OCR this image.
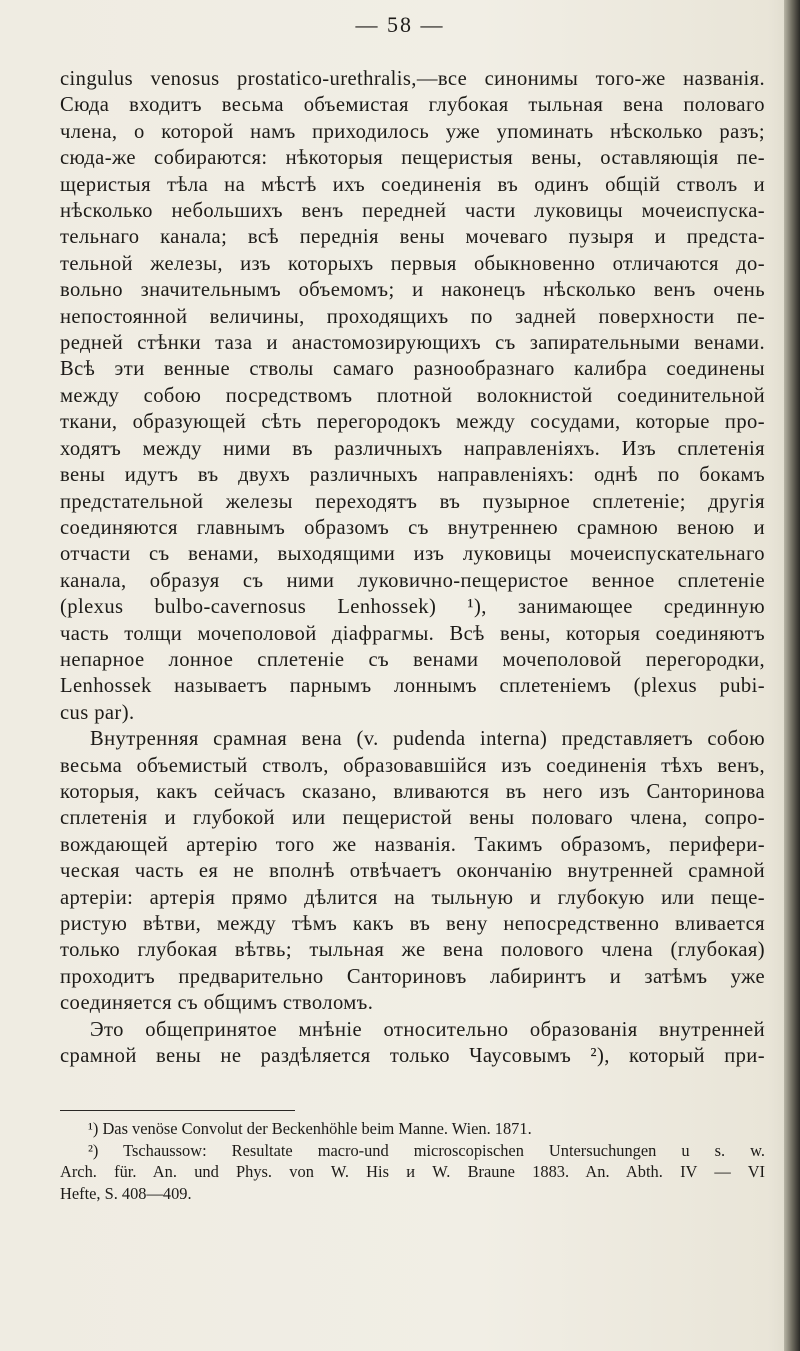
— 58 —
cingulus venosus prostatico-urethralis,—все синонимы того-же названія.
Сюда входитъ весьма объемистая глубокая тыльная вена половаго
члена, о которой намъ приходилось уже упоминать нѣсколько разъ;
сюда-же собираются: нѣкоторыя пещеристыя вены, оставляющія пе-
щеристыя тѣла на мѣстѣ ихъ соединенія въ одинъ общій стволъ и
нѣсколько небольшихъ венъ передней части луковицы мочеиспуска-
тельнаго канала; всѣ переднія вены мочеваго пузыря и предста-
тельной железы, изъ которыхъ первыя обыкновенно отличаются до-
вольно значительнымъ объемомъ; и наконецъ нѣсколько венъ очень
непостоянной величины, проходящихъ по задней поверхности пе-
редней стѣнки таза и анастомозирующихъ съ запирательными венами.
Всѣ эти венные стволы самаго разнообразнаго калибра соединены
между собою посредствомъ плотной волокнистой соединительной
ткани, образующей сѣть перегородокъ между сосудами, которые про-
ходятъ между ними въ различныхъ направленіяхъ. Изъ сплетенія
вены идутъ въ двухъ различныхъ направленіяхъ: однѣ по бокамъ
предстательной железы переходятъ въ пузырное сплетеніе; другія
соединяются главнымъ образомъ съ внутреннею срамною веною и
отчасти съ венами, выходящими изъ луковицы мочеиспускательнаго
канала, образуя съ ними луковично-пещеристое венное сплетеніе
(plexus bulbo-cavernosus Lenhossek) ¹), занимающее срединную
часть толщи мочеполовой діафрагмы. Всѣ вены, которыя соединяютъ
непарное лонное сплетеніе съ венами мочеполовой перегородки,
Lenhossek называетъ парнымъ лоннымъ сплетеніемъ (plexus pubi-
cus par).
Внутренняя срамная вена (v. pudenda interna) представляетъ собою
весьма объемистый стволъ, образовавшійся изъ соединенія тѣхъ венъ,
которыя, какъ сейчасъ сказано, вливаются въ него изъ Санторинова
сплетенія и глубокой или пещеристой вены половаго члена, сопро-
вождающей артерію того же названія. Такимъ образомъ, перифери-
ческая часть ея не вполнѣ отвѣчаетъ окончанію внутренней срамной
артеріи: артерія прямо дѣлится на тыльную и глубокую или пеще-
ристую вѣтви, между тѣмъ какъ въ вену непосредственно вливается
только глубокая вѣтвь; тыльная же вена полового члена (глубокая)
проходитъ предварительно Санториновъ лабиринтъ и затѣмъ уже
соединяется съ общимъ стволомъ.
Это общепринятое мнѣніе относительно образованія внутренней
срамной вены не раздѣляется только Чаусовымъ ²), который при-
¹) Das venöse Convolut der Beckenhöhle beim Manne. Wien. 1871.
²) Tschaussow: Resultate macro-und microscopischen Untersuchungen u s. w.
Arch. für. An. und Phys. von W. His и W. Braune 1883. An. Abth. IV — VI
Hefte, S. 408—409.
